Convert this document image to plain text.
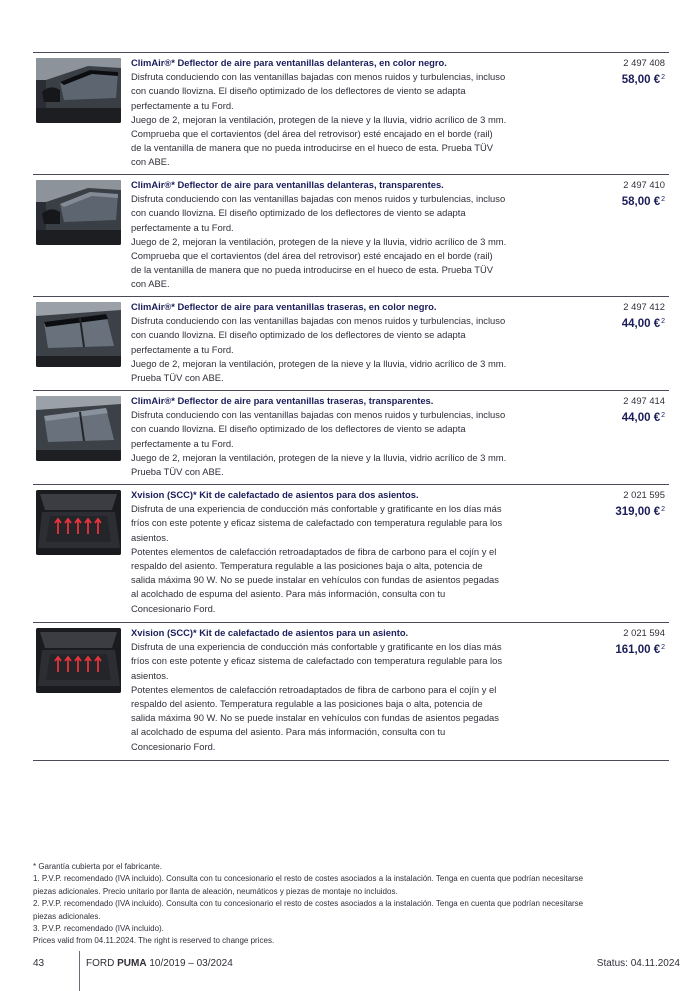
ClimAir®* Deflector de aire para ventanillas delanteras, en color negro.

Disfruta conduciendo con las ventanillas bajadas con menos ruidos y turbulencias, incluso

con cuando llovizna. El diseño optimizado de los deflectores de viento se adapta

perfectamente a tu Ford.

Juego de 2, mejoran la ventilación, protegen de la nieve y la lluvia, vidrio acrílico de 3 mm.

Comprueba que el cortavientos (del área del retrovisor) esté encajado en el borde (rail)

de la ventanilla de manera que no pueda introducirse en el hueco de esta. Prueba TÜV

con ABE.

2 497 408
58,00 €$^2$

ClimAir®* Deflector de aire para ventanillas delanteras, transparentes.

Disfruta conduciendo con las ventanillas bajadas con menos ruidos y turbulencias, incluso

con cuando llovizna. El diseño optimizado de los deflectores de viento se adapta

perfectamente a tu Ford.

Juego de 2, mejoran la ventilación, protegen de la nieve y la lluvia, vidrio acrílico de 3 mm.

Comprueba que el cortavientos (del área del retrovisor) esté encajado en el borde (rail)

de la ventanilla de manera que no pueda introducirse en el hueco de esta. Prueba TÜV

con ABE.

2 497 410
58,00 €$^2$

ClimAir®* Deflector de aire para ventanillas traseras, en color negro.

Disfruta conduciendo con las ventanillas bajadas con menos ruidos y turbulencias, incluso

con cuando llovizna. El diseño optimizado de los deflectores de viento se adapta

perfectamente a tu Ford.

Juego de 2, mejoran la ventilación, protegen de la nieve y la lluvia, vidrio acrílico de 3 mm.

Prueba TÜV con ABE.

2 497 412
44,00 €$^2$

ClimAir®* Deflector de aire para ventanillas traseras, transparentes.

Disfruta conduciendo con las ventanillas bajadas con menos ruidos y turbulencias, incluso

con cuando llovizna. El diseño optimizado de los deflectores de viento se adapta

perfectamente a tu Ford.

Juego de 2, mejoran la ventilación, protegen de la nieve y la lluvia, vidrio acrílico de 3 mm.

Prueba TÜV con ABE.

2 497 414
44,00 €$^2$

Xvision (SCC)* Kit de calefactado de asientos para dos asientos.

Disfruta de una experiencia de conducción más confortable y gratificante en los días más

fríos con este potente y eficaz sistema de calefactado con temperatura regulable para los

asientos.

Potentes elementos de calefacción retroadaptados de fibra de carbono para el cojín y el

respaldo del asiento. Temperatura regulable a las posiciones baja o alta, potencia de

salida máxima 90 W. No se puede instalar en vehículos con fundas de asientos pegadas

al acolchado de espuma del asiento. Para más información, consulta con tu

Concesionario Ford.

2 021 595
319,00 €$^2$

Xvision (SCC)* Kit de calefactado de asientos para un asiento.

Disfruta de una experiencia de conducción más confortable y gratificante en los días más

fríos con este potente y eficaz sistema de calefactado con temperatura regulable para los

asientos.

Potentes elementos de calefacción retroadaptados de fibra de carbono para el cojín y el

respaldo del asiento. Temperatura regulable a las posiciones baja o alta, potencia de

salida máxima 90 W. No se puede instalar en vehículos con fundas de asientos pegadas

al acolchado de espuma del asiento. Para más información, consulta con tu

Concesionario Ford.

2 021 594
161,00 €$^2$

* Garantía cubierta por el fabricante.

1. P.V.P. recomendado (IVA incluido). Consulta con tu concesionario el resto de costes asociados a la instalación. Tenga en cuenta que podrían necesitarse

piezas adicionales. Precio unitario por llanta de aleación, neumáticos y piezas de montaje no incluidos.

2. P.V.P. recomendado (IVA incluido). Consulta con tu concesionario el resto de costes asociados a la instalación. Tenga en cuenta que podrían necesitarse

piezas adicionales.

3. P.V.P. recomendado (IVA incluido).

Prices valid from 04.11.2024. The right is reserved to change prices.

43	FORD PUMA 10/2019 – 03/2024	Status: 04.11.2024
